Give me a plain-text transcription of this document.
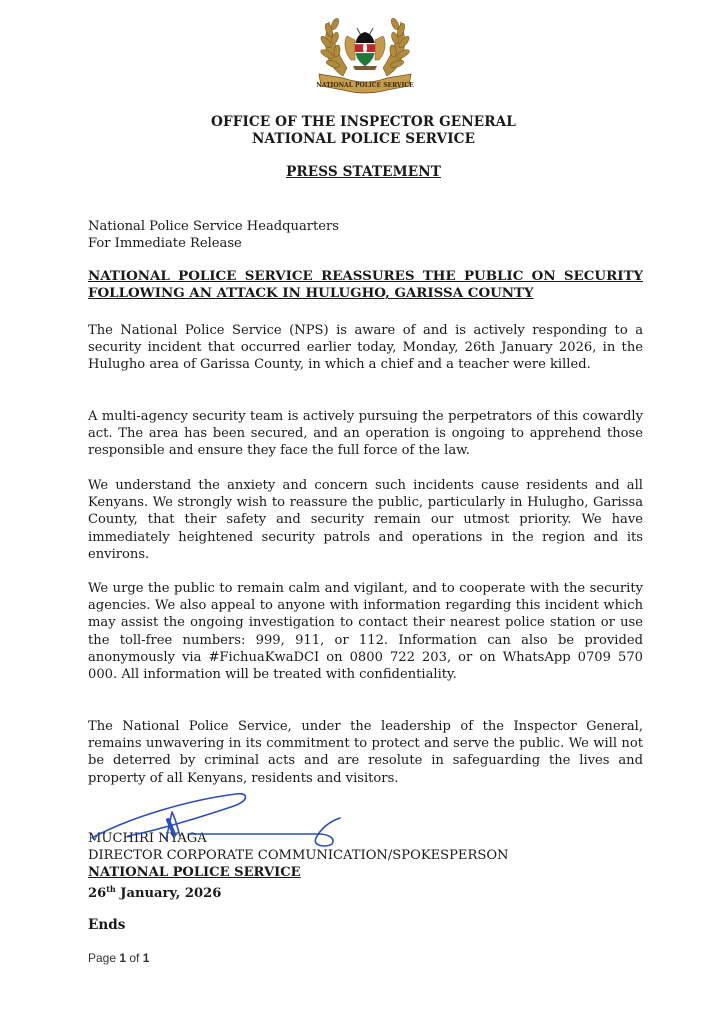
NATIONAL POLICE SERVICE
OFFICE OF THE INSPECTOR GENERAL
NATIONAL POLICE SERVICE
PRESS STATEMENT
National Police Service Headquarters
For Immediate Release
NATIONAL POLICE SERVICE REASSURES THE PUBLIC ON SECURITY FOLLOWING AN ATTACK IN HULUGHO, GARISSA COUNTY
The National Police Service (NPS) is aware of and is actively responding to a security incident that occurred earlier today, Monday, 26th January 2026, in the Hulugho area of Garissa County, in which a chief and a teacher were killed.
A multi-agency security team is actively pursuing the perpetrators of this cowardly act. The area has been secured, and an operation is ongoing to apprehend those responsible and ensure they face the full force of the law.
We understand the anxiety and concern such incidents cause residents and all Kenyans. We strongly wish to reassure the public, particularly in Hulugho, Garissa County, that their safety and security remain our utmost priority. We have immediately heightened security patrols and operations in the region and its environs.
We urge the public to remain calm and vigilant, and to cooperate with the security agencies. We also appeal to anyone with information regarding this incident which may assist the ongoing investigation to contact their nearest police station or use the toll-free numbers: 999, 911, or 112. Information can also be provided anonymously via #FichuaKwaDCI on 0800 722 203, or on WhatsApp 0709 570 000. All information will be treated with confidentiality.
The National Police Service, under the leadership of the Inspector General, remains unwavering in its commitment to protect and serve the public. We will not be deterred by criminal acts and are resolute in safeguarding the lives and property of all Kenyans, residents and visitors.
MUCHIRI NYAGA
DIRECTOR CORPORATE COMMUNICATION/SPOKESPERSON
NATIONAL POLICE SERVICE
26th January, 2026
Ends
Page 1 of 1
